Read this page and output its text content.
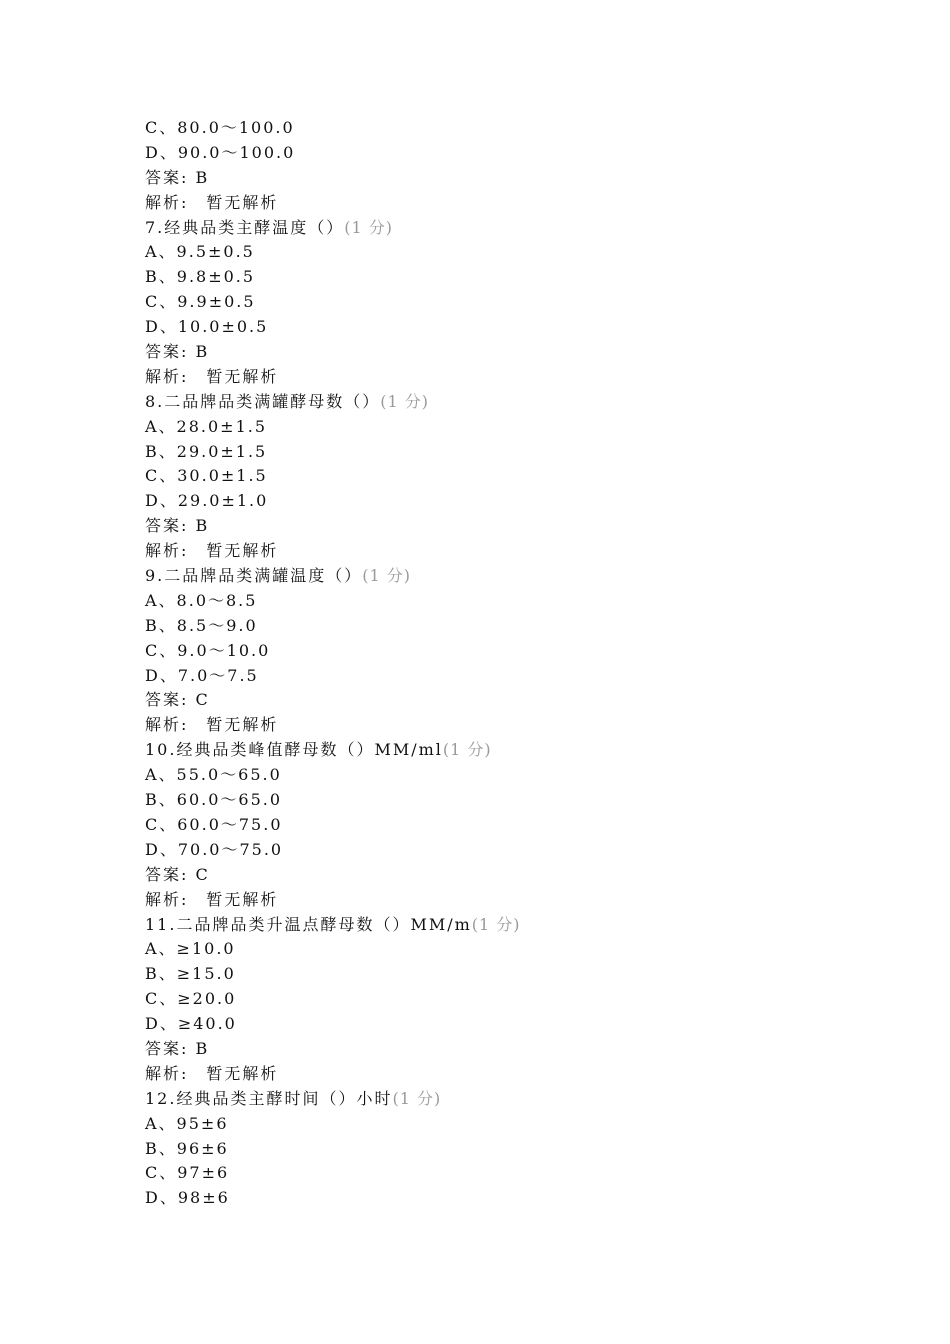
C、80.0～100.0
D、90.0～100.0
答案: B
解析: 暂无解析
7.经典品类主酵温度（）(1 分)
A、9.5±0.5
B、9.8±0.5
C、9.9±0.5
D、10.0±0.5
答案: B
解析: 暂无解析
8.二品牌品类满罐酵母数（）(1 分)
A、28.0±1.5
B、29.0±1.5
C、30.0±1.5
D、29.0±1.0
答案: B
解析: 暂无解析
9.二品牌品类满罐温度（）(1 分)
A、8.0～8.5
B、8.5～9.0
C、9.0～10.0
D、7.0～7.5
答案: C
解析: 暂无解析
10.经典品类峰值酵母数（）MM/ml(1 分)
A、55.0～65.0
B、60.0～65.0
C、60.0～75.0
D、70.0～75.0
答案: C
解析: 暂无解析
11.二品牌品类升温点酵母数（）MM/m(1 分)
A、≥10.0
B、≥15.0
C、≥20.0
D、≥40.0
答案: B
解析: 暂无解析
12.经典品类主酵时间（）小时(1 分)
A、95±6
B、96±6
C、97±6
D、98±6
